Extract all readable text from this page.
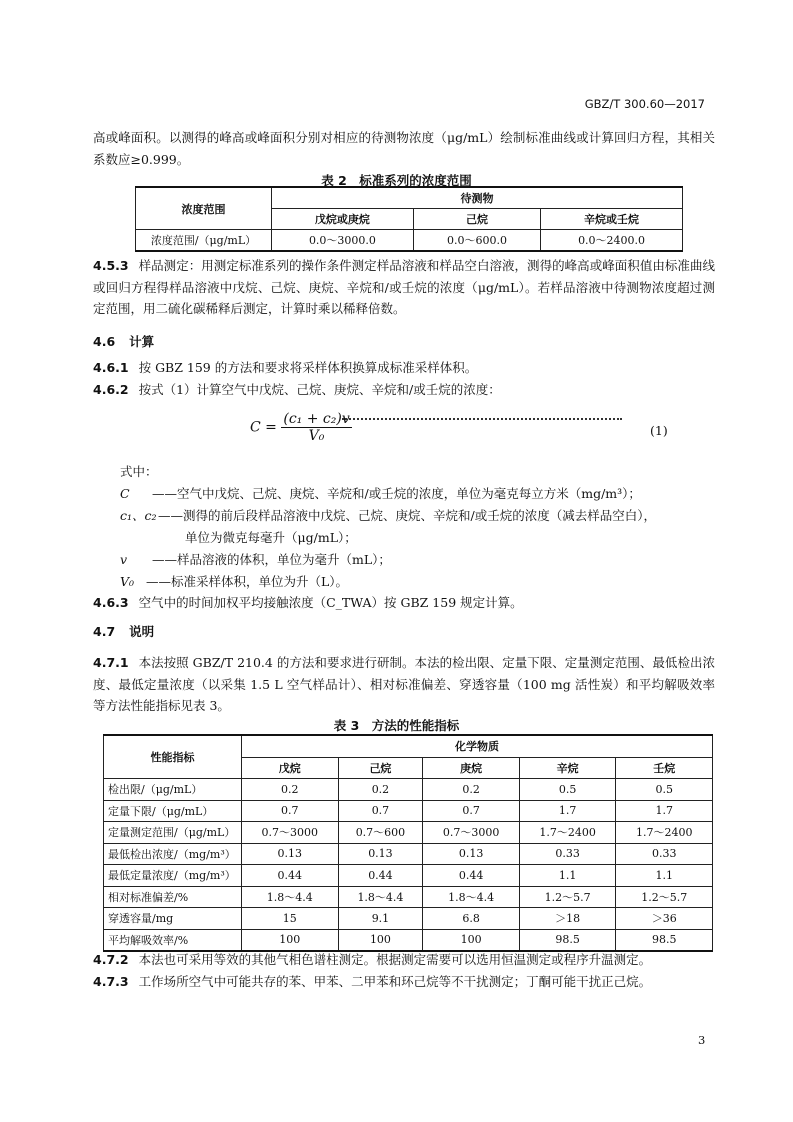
GBZ/T 300.60—2017
高或峰面积。以测得的峰高或峰面积分别对相应的待测物浓度（μg/mL）绘制标准曲线或计算回归方程，其相关系数应≥0.999。
表 2　标准系列的浓度范围
浓度范围	待测物		
	戊烷或庚烷	己烷	辛烷或壬烷
浓度范围/（μg/mL）	0.0～3000.0	0.0～600.0	0.0～2400.0
4.5.3 样品测定：用测定标准系列的操作条件测定样品溶液和样品空白溶液，测得的峰高或峰面积值由标准曲线或回归方程得样品溶液中戊烷、己烷、庚烷、辛烷和/或壬烷的浓度（μg/mL）。若样品溶液中待测物浓度超过测定范围，用二硫化碳稀释后测定，计算时乘以稀释倍数。
4.6 计算
4.6.1 按 GBZ 159 的方法和要求将采样体积换算成标准采样体积。
4.6.2 按式（1）计算空气中戊烷、己烷、庚烷、辛烷和/或壬烷的浓度：
$C = \frac{\text{(c₁ + c₂)v}}{\text{V₀}}$	(1)
式中：
C ——空气中戊烷、己烷、庚烷、辛烷和/或壬烷的浓度，单位为毫克每立方米（mg/m³）；
c₁、c₂——测得的前后段样品溶液中戊烷、己烷、庚烷、辛烷和/或壬烷的浓度（减去样品空白），
单位为微克每毫升（μg/mL）；
v ——样品溶液的体积，单位为毫升（mL）；
V₀ ——标准采样体积，单位为升（L）。
4.6.3 空气中的时间加权平均接触浓度（C_TWA）按 GBZ 159 规定计算。
4.7 说明
4.7.1 本法按照 GBZ/T 210.4 的方法和要求进行研制。本法的检出限、定量下限、定量测定范围、最低检出浓度、最低定量浓度（以采集 1.5 L 空气样品计）、相对标准偏差、穿透容量（100 mg 活性炭）和平均解吸效率等方法性能指标见表 3。
表 3　方法的性能指标
性能指标	化学物质				
	戊烷	己烷	庚烷	辛烷	壬烷
检出限/（μg/mL）	0.2	0.2	0.2	0.5	0.5
定量下限/（μg/mL）	0.7	0.7	0.7	1.7	1.7
定量测定范围/（μg/mL）	0.7～3000	0.7～600	0.7～3000	1.7～2400	1.7～2400
最低检出浓度/（mg/m³）	0.13	0.13	0.13	0.33	0.33
最低定量浓度/（mg/m³）	0.44	0.44	0.44	1.1	1.1
相对标准偏差/%	1.8～4.4	1.8～4.4	1.8～4.4	1.2～5.7	1.2～5.7
穿透容量/mg	15	9.1	6.8	＞18	＞36
平均解吸效率/%	100	100	100	98.5	98.5
4.7.2 本法也可采用等效的其他气相色谱柱测定。根据测定需要可以选用恒温测定或程序升温测定。
4.7.3 工作场所空气中可能共存的苯、甲苯、二甲苯和环己烷等不干扰测定；丁酮可能干扰正己烷。
3
